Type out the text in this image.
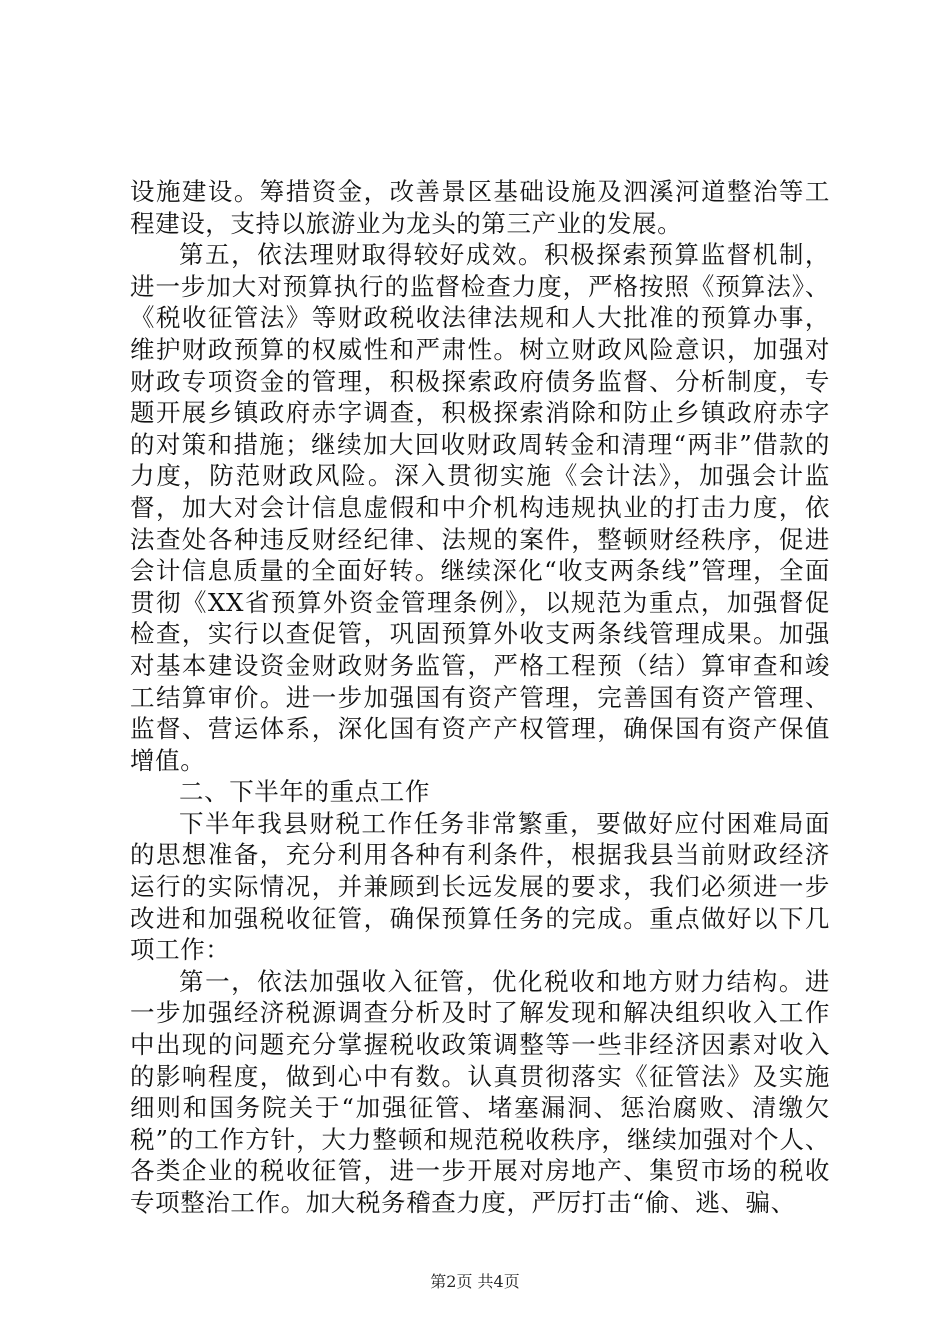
设施建设。筹措资金，改善景区基础设施及泗溪河道整治等工程建设，支持以旅游业为龙头的第三产业的发展。

第五，依法理财取得较好成效。积极探索预算监督机制，进一步加大对预算执行的监督检查力度，严格按照《预算法》、《税收征管法》等财政税收法律法规和人大批准的预算办事，维护财政预算的权威性和严肃性。树立财政风险意识，加强对财政专项资金的管理，积极探索政府债务监督、分析制度，专题开展乡镇政府赤字调查，积极探索消除和防止乡镇政府赤字的对策和措施；继续加大回收财政周转金和清理“两非”借款的力度，防范财政风险。深入贯彻实施《会计法》，加强会计监督，加大对会计信息虚假和中介机构违规执业的打击力度，依法查处各种违反财经纪律、法规的案件，整顿财经秩序，促进会计信息质量的全面好转。继续深化“收支两条线”管理，全面贯彻《XX省预算外资金管理条例》，以规范为重点，加强督促检查，实行以查促管，巩固预算外收支两条线管理成果。加强对基本建设资金财政财务监管，严格工程预（结）算审查和竣工结算审价。进一步加强国有资产管理，完善国有资产管理、监督、营运体系，深化国有资产产权管理，确保国有资产保值增值。

二、下半年的重点工作

下半年我县财税工作任务非常繁重，要做好应付困难局面的思想准备，充分利用各种有利条件，根据我县当前财政经济运行的实际情况，并兼顾到长远发展的要求，我们必须进一步改进和加强税收征管，确保预算任务的完成。重点做好以下几项工作：

第一，依法加强收入征管，优化税收和地方财力结构。进一步加强经济税源调查分析及时了解发现和解决组织收入工作中出现的问题充分掌握税收政策调整等一些非经济因素对收入的影响程度，做到心中有数。认真贯彻落实《征管法》及实施细则和国务院关于“加强征管、堵塞漏洞、惩治腐败、清缴欠税”的工作方针，大力整顿和规范税收秩序，继续加强对个人、各类企业的税收征管，进一步开展对房地产、集贸市场的税收专项整治工作。加大税务稽查力度，严厉打击“偷、逃、骗、

第2页 共4页
